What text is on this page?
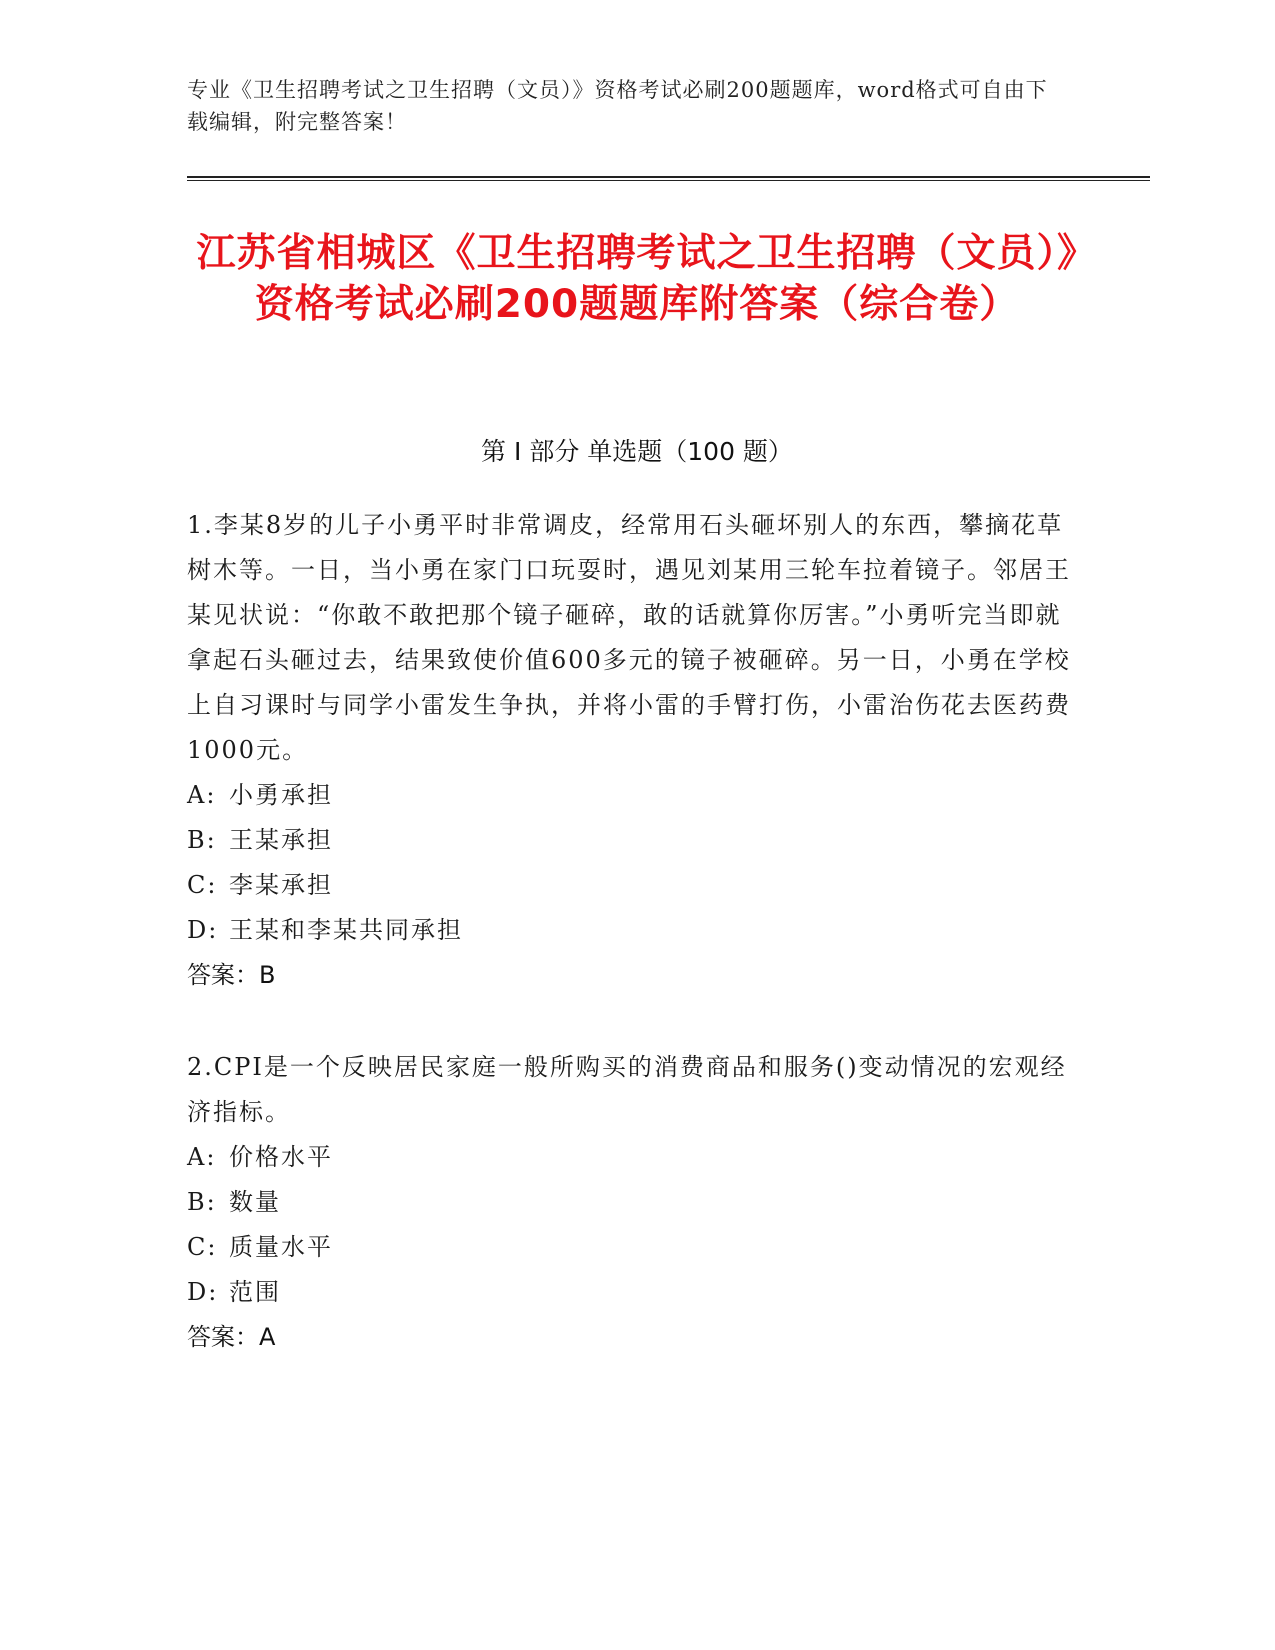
专业《卫生招聘考试之卫生招聘（文员）》资格考试必刷200题题库，word格式可自由下载编辑，附完整答案！
江苏省相城区《卫生招聘考试之卫生招聘（文员）》资格考试必刷200题题库附答案（综合卷）
第 I 部分 单选题（100 题）

1.李某8岁的儿子小勇平时非常调皮，经常用石头砸坏别人的东西，攀摘花草树木等。一日，当小勇在家门口玩耍时，遇见刘某用三轮车拉着镜子。邻居王某见状说：“你敢不敢把那个镜子砸碎，敢的话就算你厉害。”小勇听完当即就拿起石头砸过去，结果致使价值600多元的镜子被砸碎。另一日，小勇在学校上自习课时与同学小雷发生争执，并将小雷的手臂打伤，小雷治伤花去医药费1000元。

A: 小勇承担

B: 王某承担

C: 李某承担

D: 王某和李某共同承担

答案：B

2.CPI是一个反映居民家庭一般所购买的消费商品和服务()变动情况的宏观经济指标。

A: 价格水平

B: 数量

C: 质量水平

D: 范围

答案：A
